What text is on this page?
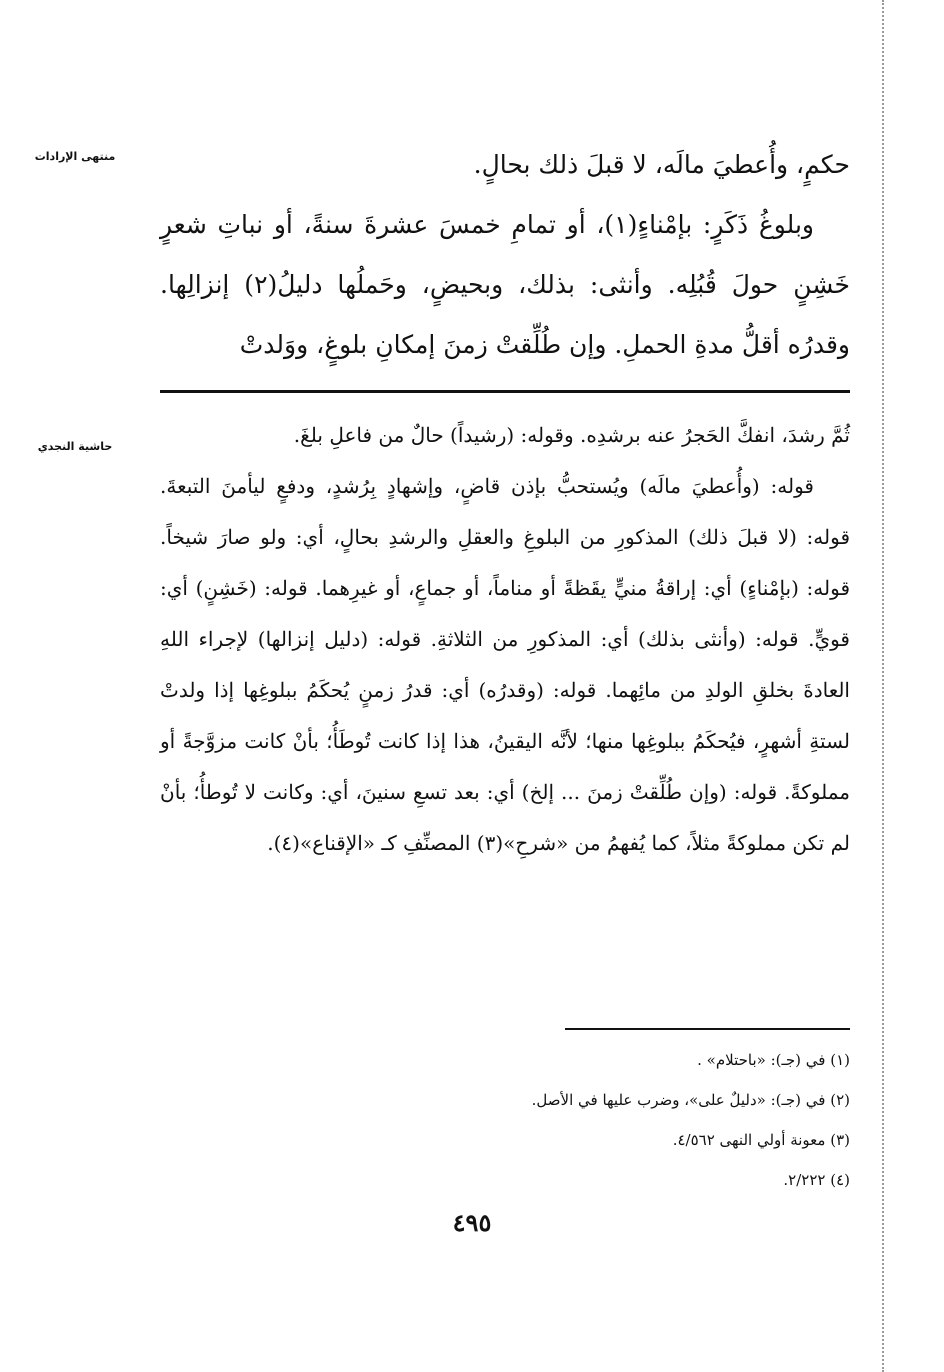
منتهى الإرادات
حاشية النجدي

حكمٍ، وأُعطيَ مالَه، لا قبلَ ذلك بحالٍ.

وبلوغُ ذَكَرٍ: بإمْناءٍ(١)، أو تمامِ خمسَ عشرةَ سنةً، أو نباتِ شعرٍ خَشِنٍ حولَ قُبُلِه. وأنثى: بذلك، وبحيضٍ، وحَملُها دليلُ(٢) إنزالِها. وقدرُه أقلُّ مدةِ الحملِ. وإن طُلِّقتْ زمنَ إمكانِ بلوغٍ، ووَلدتْ

ثُمَّ رشدَ، انفكَّ الحَجرُ عنه برشدِه. وقوله: (رشيداً) حالٌ من فاعلِ بلغَ.

قوله: (وأُعطيَ مالَه) ويُستحبُّ بإذن قاضٍ، وإشهادٍ بِرُشدٍ، ودفعٍ ليأمنَ التبعةَ. قوله: (لا قبلَ ذلك) المذكورِ من البلوغِ والعقلِ والرشدِ بحالٍ، أي: ولو صارَ شيخاً. قوله: (بإمْناءٍ) أي: إراقةُ منيٍّ يقَظةً أو مناماً، أو جماعٍ، أو غيرِهما. قوله: (خَشِنٍ) أي: قويٍّ. قوله: (وأنثى بذلك) أي: المذكورِ من الثلاثةِ. قوله: (دليل إنزالها) لإجراء اللهِ العادةَ بخلقِ الولدِ من مائِهما. قوله: (وقدرُه) أي: قدرُ زمنٍ يُحكَمُ ببلوغِها إذا ولدتْ لستةِ أشهرٍ، فيُحكَمُ ببلوغِها منها؛ لأنَّه اليقينُ، هذا إذا كانت تُوطَأُ؛ بأنْ كانت مزوَّجةً أو مملوكةً. قوله: (وإن طُلِّقتْ زمنَ ... إلخ) أي: بعد تسعِ سنينَ، أي: وكانت لا تُوطأُ؛ بأنْ لم تكن مملوكةً مثلاً، كما يُفهمُ من «شرحِ»(٣) المصنِّفِ كـ «الإقناع»(٤).

(١) في (جـ): «باحتلام» .

(٢) في (جـ): «دليلٌ على»، وضرب عليها في الأصل.

(٣) معونة أولي النهى ٤/٥٦٢.

(٤) ٢/٢٢٢.

٤٩٥
